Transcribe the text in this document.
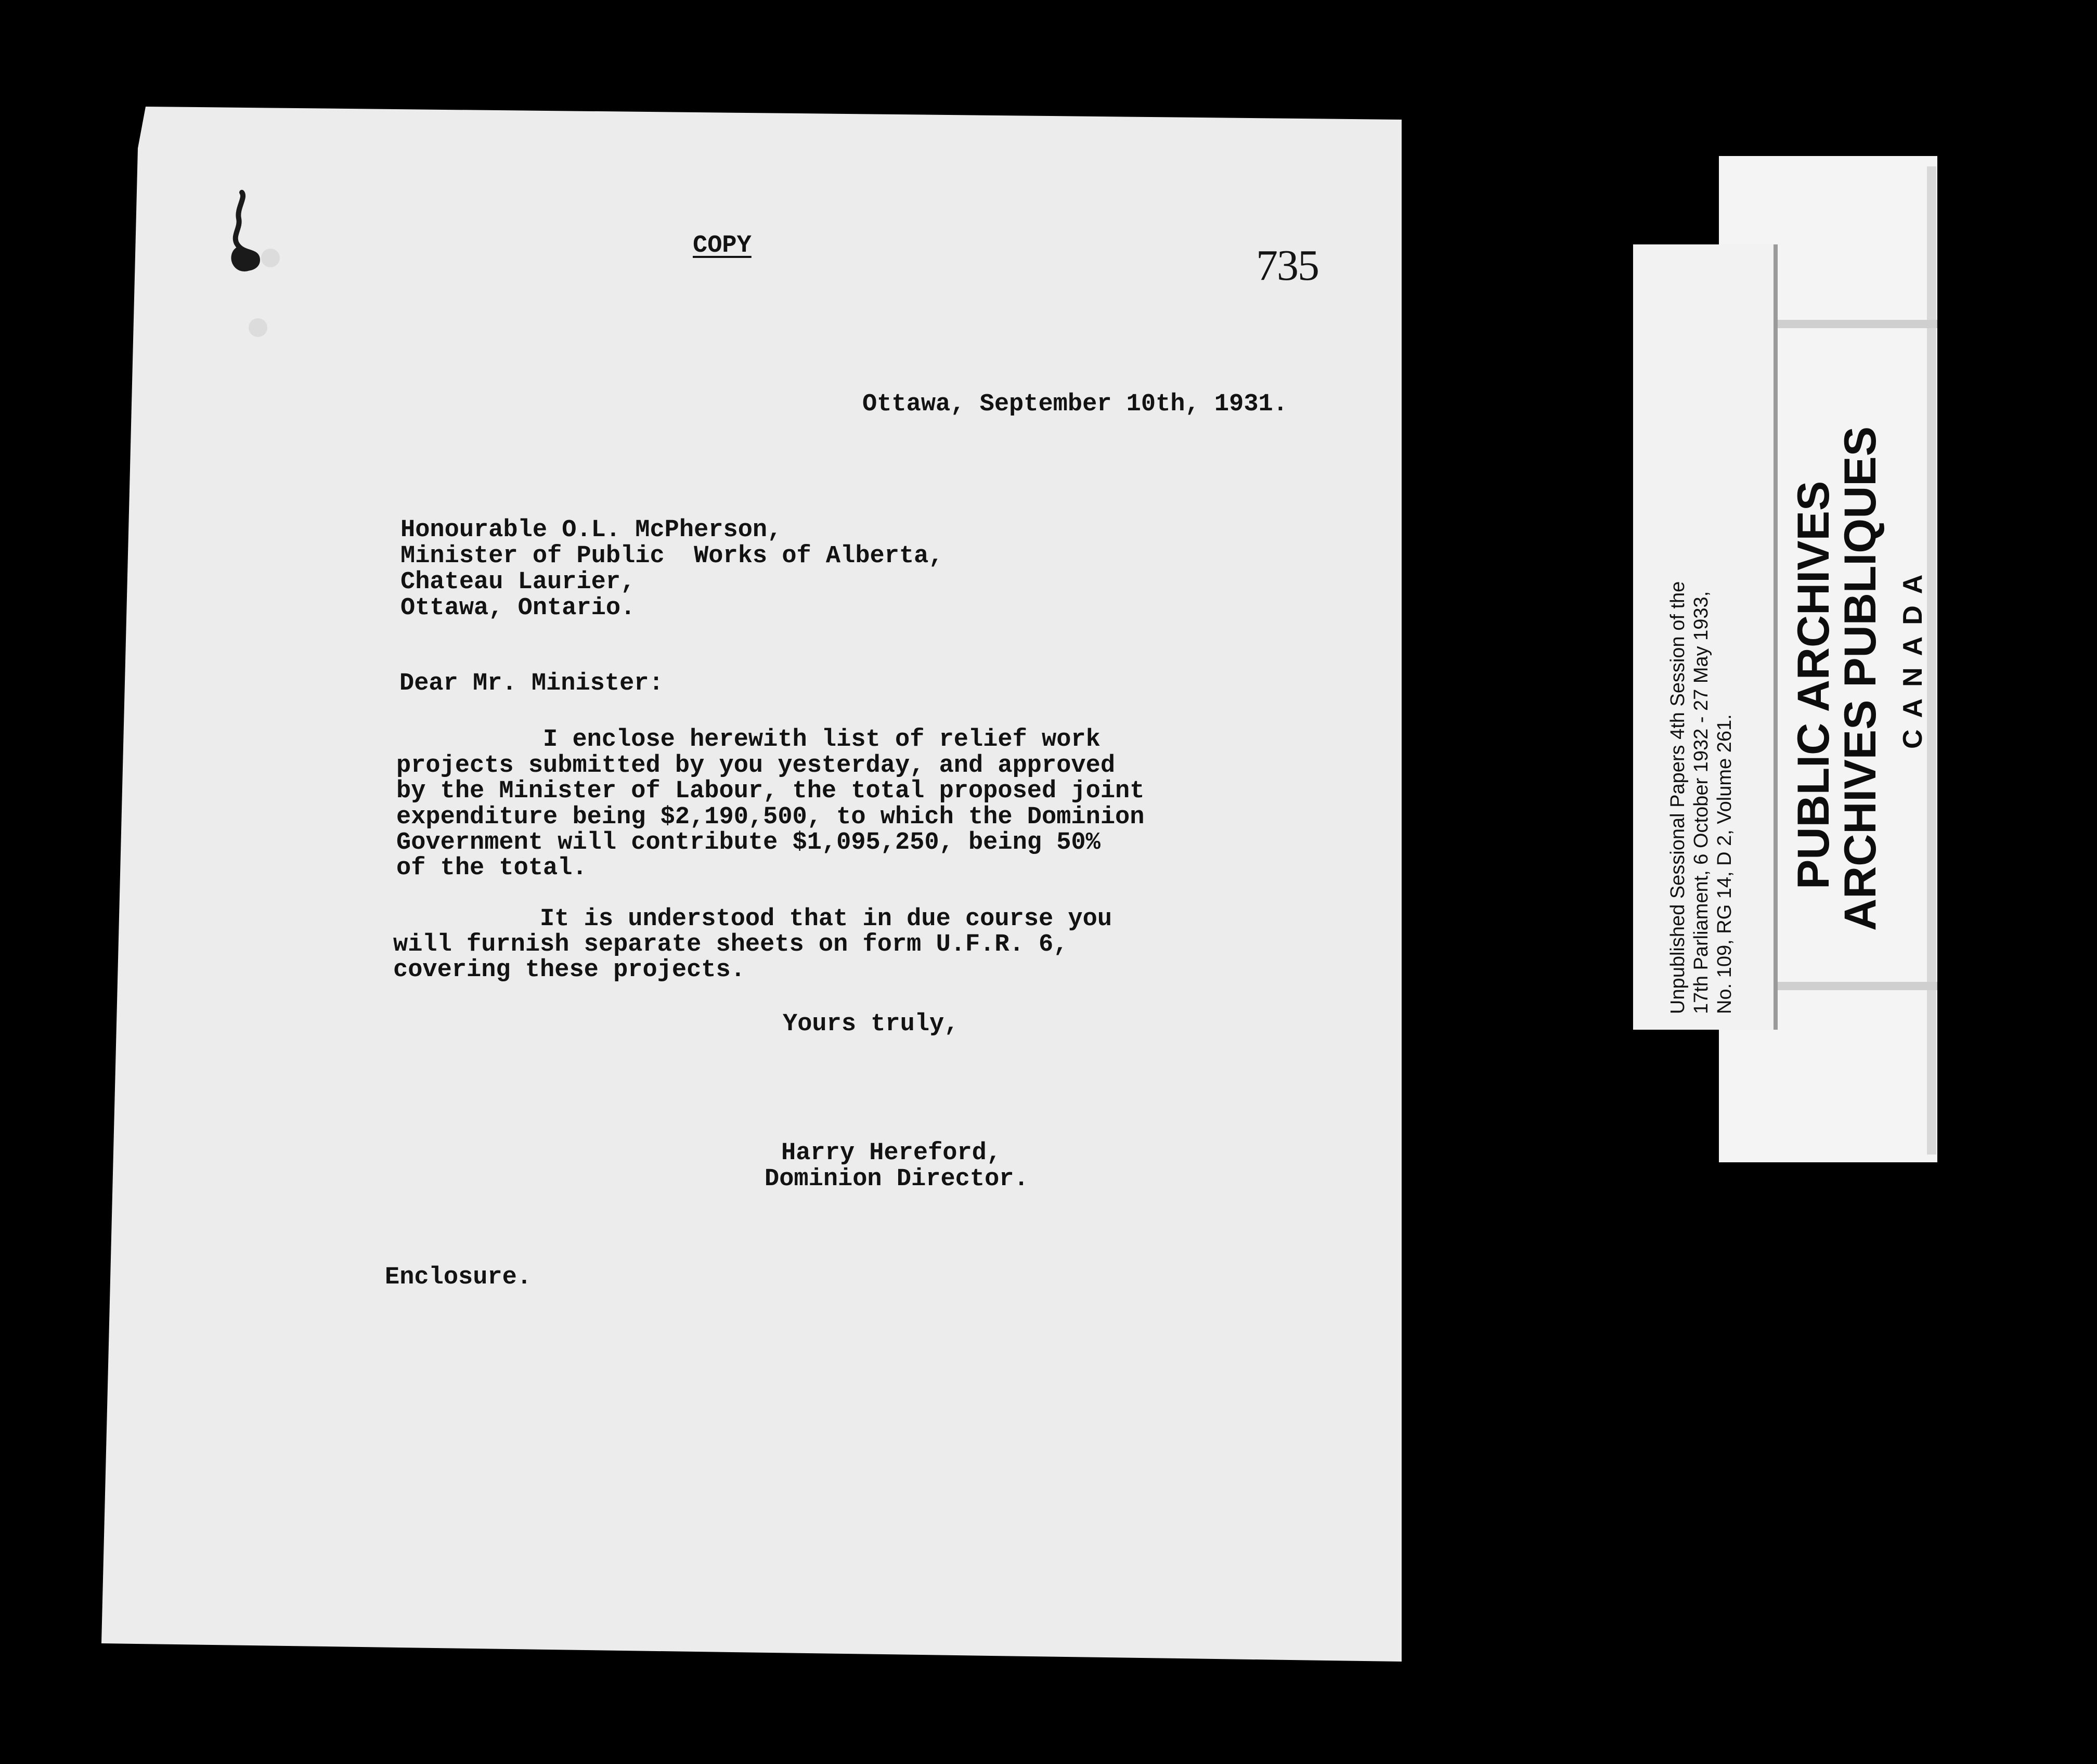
COPY	735
Ottawa, September 10th, 1931.
Honourable O.L. McPherson,
Minister of Public  Works of Alberta,
Chateau Laurier,
Ottawa, Ontario.
Dear Mr. Minister:
I enclose herewith list of relief work
projects submitted by you yesterday, and approved
by the Minister of Labour, the total proposed joint
expenditure being $2,190,500, to which the Dominion
Government will contribute $1,095,250, being 50%
of the total.
It is understood that in due course you
will furnish separate sheets on form U.F.R. 6,
covering these projects.
Yours truly,
Harry Hereford,
Dominion Director.
Enclosure.
PUBLIC ARCHIVES
ARCHIVES PUBLIQUES CANADA
Unpublished Sessional Papers 4th Session of the 17th Parliament, 6 October 1932 - 27 May 1933, No. 109, RG 14, D 2, Volume 261.
